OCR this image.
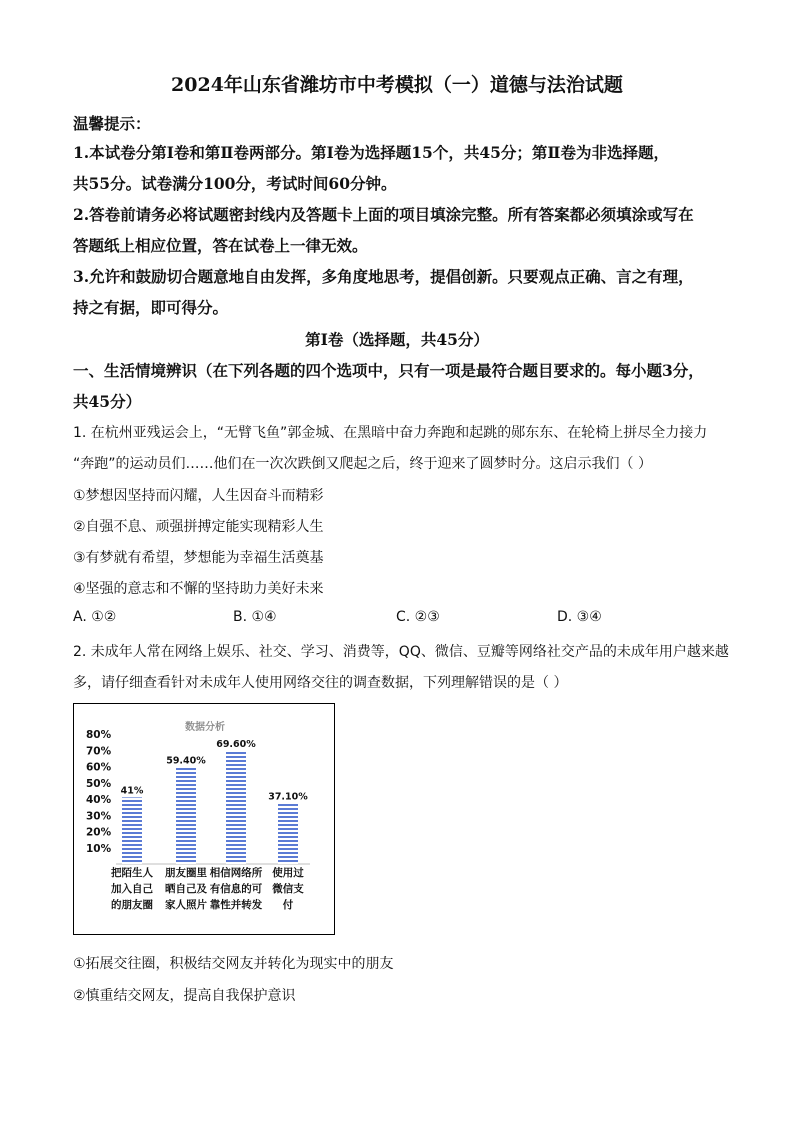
2024年山东省潍坊市中考模拟（一）道德与法治试题
温馨提示：
1.本试卷分第Ⅰ卷和第Ⅱ卷两部分。第Ⅰ卷为选择题15个，共45分；第Ⅱ卷为非选择题，
共55分。试卷满分100分，考试时间60分钟。
2.答卷前请务必将试题密封线内及答题卡上面的项目填涂完整。所有答案都必须填涂或写在
答题纸上相应位置，答在试卷上一律无效。
3.允许和鼓励切合题意地自由发挥，多角度地思考，提倡创新。只要观点正确、言之有理，
持之有据，即可得分。
第Ⅰ卷（选择题，共45分）
一、生活情境辨识（在下列各题的四个选项中，只有一项是最符合题目要求的。每小题3分，
共45分）
1. 在杭州亚残运会上，“无臂飞鱼”郭金城、在黑暗中奋力奔跑和起跳的郧东东、在轮椅上拼尽全力接力
“奔跑”的运动员们……他们在一次次跌倒又爬起之后，终于迎来了圆梦时分。这启示我们（ ）
①梦想因坚持而闪耀，人生因奋斗而精彩
②自强不息、顽强拼搏定能实现精彩人生
③有梦就有希望，梦想能为幸福生活奠基
④坚强的意志和不懈的坚持助力美好未来
A. ①②	B. ①④	C. ②③	D. ③④
2. 未成年人常在网络上娱乐、社交、学习、消费等，QQ、微信、豆瓣等网络社交产品的未成年用户越来越
多，请仔细查看针对未成年人使用网络交往的调查数据，下列理解错误的是（ ）
数据分析
10%
20%
30%
40%
50%
60%
70%
80%
41%
把陌生人
加入自己
的朋友圈
59.40%
朋友圈里
晒自己及
家人照片
69.60%
相信网络所
有信息的可
靠性并转发
37.10%
使用过
微信支
付
①拓展交往圈，积极结交网友并转化为现实中的朋友
②慎重结交网友，提高自我保护意识
